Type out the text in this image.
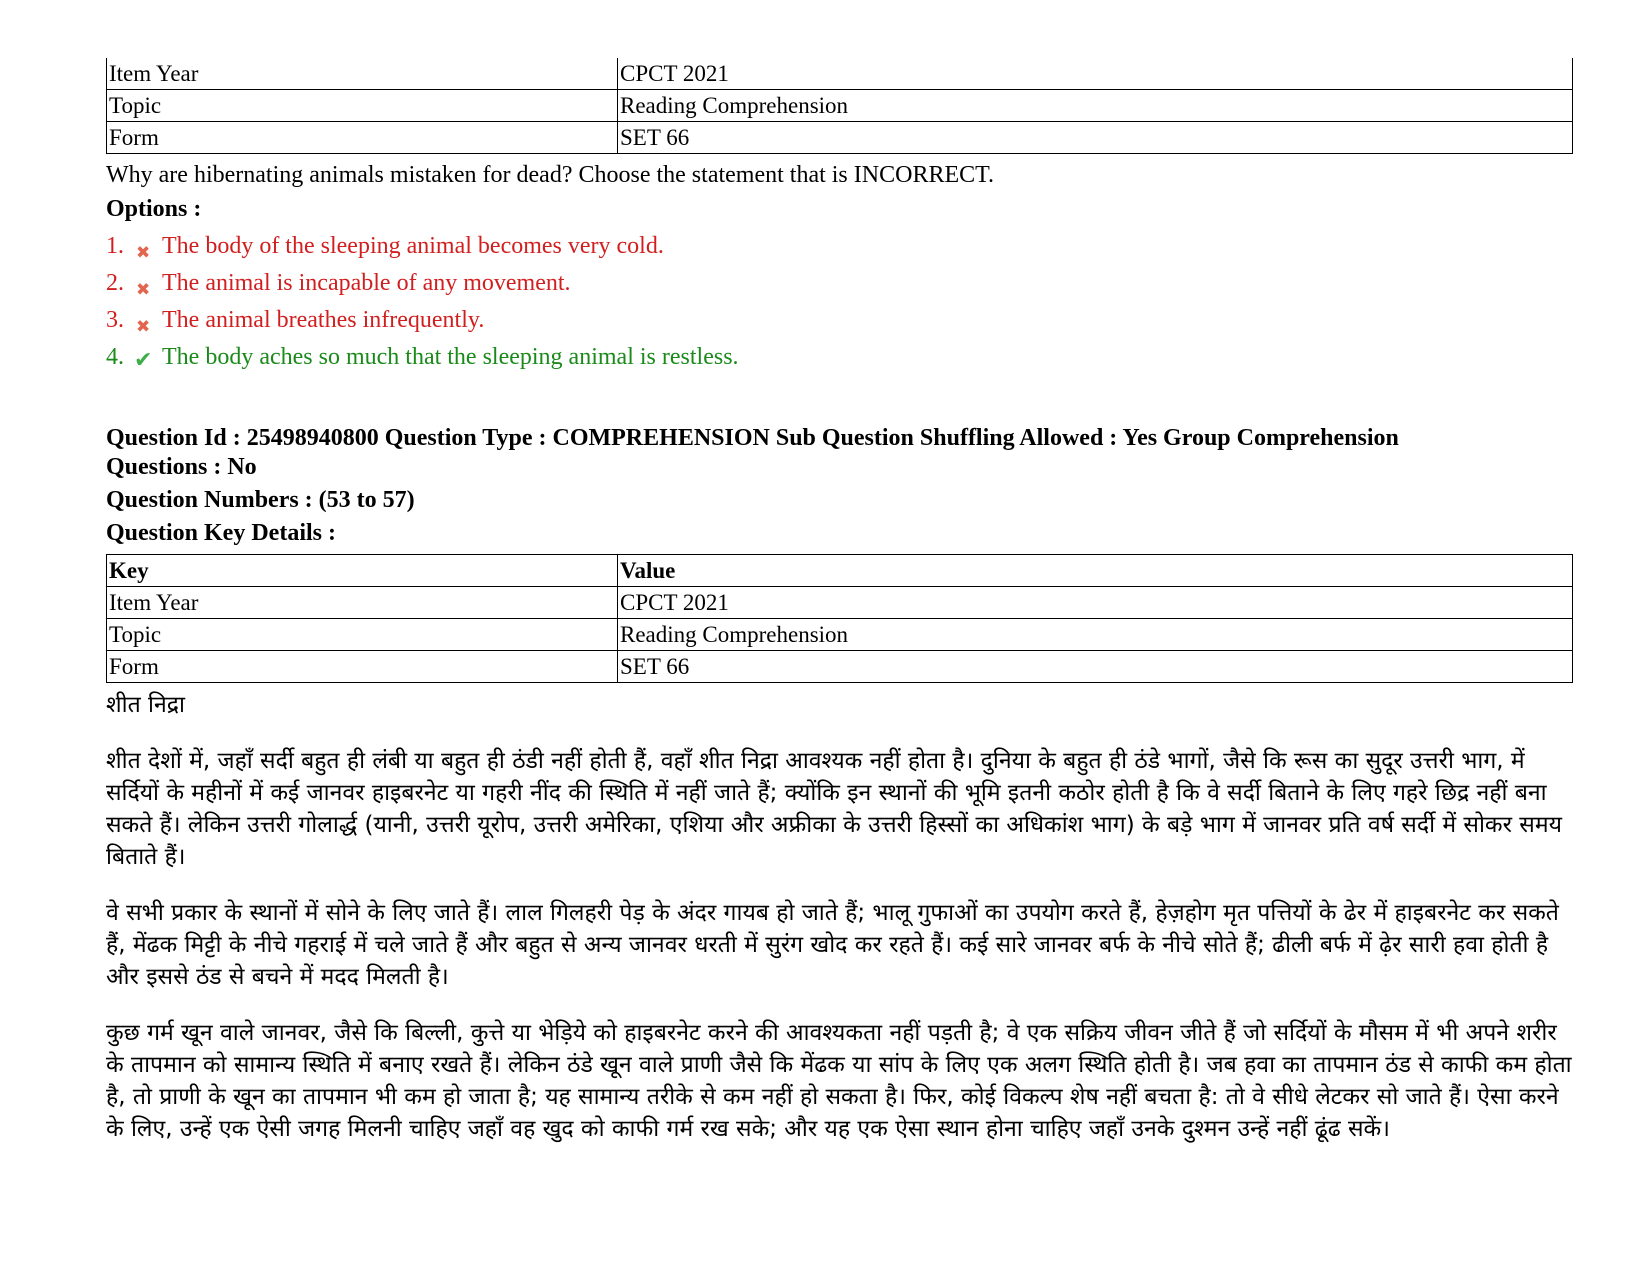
Item Year	CPCT 2021
Topic	Reading Comprehension
Form	SET 66
Why are hibernating animals mistaken for dead? Choose the statement that is INCORRECT.
Options :
1. ✖ The body of the sleeping animal becomes very cold.
2. ✖ The animal is incapable of any movement.
3. ✖ The animal breathes infrequently.
4. ✔ The body aches so much that the sleeping animal is restless.
Question Id : 25498940800 Question Type : COMPREHENSION Sub Question Shuffling Allowed : Yes Group Comprehension Questions : No
Question Numbers : (53 to 57)
Question Key Details :
Key	Value
Item Year	CPCT 2021
Topic	Reading Comprehension
Form	SET 66
शीत निद्रा
शीत देशों में, जहाँ सर्दी बहुत ही लंबी या बहुत ही ठंडी नहीं होती हैं, वहाँ शीत निद्रा आवश्यक नहीं होता है। दुनिया के बहुत ही ठंडे भागों, जैसे कि रूस का सुदूर उत्तरी भाग, में सर्दियों के महीनों में कई जानवर हाइबरनेट या गहरी नींद की स्थिति में नहीं जाते हैं; क्योंकि इन स्थानों की भूमि इतनी कठोर होती है कि वे सर्दी बिताने के लिए गहरे छिद्र नहीं बना सकते हैं। लेकिन उत्तरी गोलार्द्ध (यानी, उत्तरी यूरोप, उत्तरी अमेरिका, एशिया और अफ्रीका के उत्तरी हिस्सों का अधिकांश भाग) के बड़े भाग में जानवर प्रति वर्ष सर्दी में सोकर समय बिताते हैं।
वे सभी प्रकार के स्थानों में सोने के लिए जाते हैं। लाल गिलहरी पेड़ के अंदर गायब हो जाते हैं; भालू गुफाओं का उपयोग करते हैं, हेज़होग मृत पत्तियों के ढेर में हाइबरनेट कर सकते हैं, मेंढक मिट्टी के नीचे गहराई में चले जाते हैं और बहुत से अन्य जानवर धरती में सुरंग खोद कर रहते हैं। कई सारे जानवर बर्फ के नीचे सोते हैं; ढीली बर्फ में ढ़ेर सारी हवा होती है और इससे ठंड से बचने में मदद मिलती है।
कुछ गर्म खून वाले जानवर, जैसे कि बिल्ली, कुत्ते या भेड़िये को हाइबरनेट करने की आवश्यकता नहीं पड़ती है; वे एक सक्रिय जीवन जीते हैं जो सर्दियों के मौसम में भी अपने शरीर के तापमान को सामान्य स्थिति में बनाए रखते हैं। लेकिन ठंडे खून वाले प्राणी जैसे कि मेंढक या सांप के लिए एक अलग स्थिति होती है। जब हवा का तापमान ठंड से काफी कम होता है, तो प्राणी के खून का तापमान भी कम हो जाता है; यह सामान्य तरीके से कम नहीं हो सकता है। फिर, कोई विकल्प शेष नहीं बचता है: तो वे सीधे लेटकर सो जाते हैं। ऐसा करने के लिए, उन्हें एक ऐसी जगह मिलनी चाहिए जहाँ वह खुद को काफी गर्म रख सके; और यह एक ऐसा स्थान होना चाहिए जहाँ उनके दुश्मन उन्हें नहीं ढूंढ सकें।
